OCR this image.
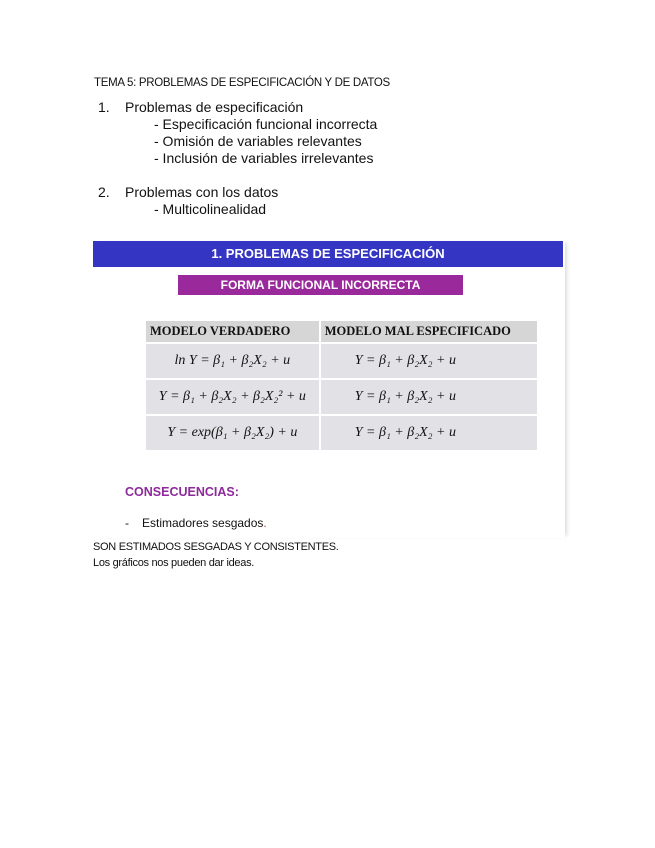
TEMA 5: PROBLEMAS DE ESPECIFICACIÓN Y DE DATOS
1.	Problemas de especificación
- Especificación funcional incorrecta
- Omisión de variables relevantes
- Inclusión de variables irrelevantes
2.	Problemas con los datos
- Multicolinealidad
1. PROBLEMAS DE ESPECIFICACIÓN
FORMA FUNCIONAL INCORRECTA
MODELO VERDADERO	MODELO MAL ESPECIFICADO
ln Y = β₁ + β₂X₂ + u	Y = β₁ + β₂X₂ + u
Y = β₁ + β₂X₂ + β₂X₂² + u	Y = β₁ + β₂X₂ + u
Y = exp(β₁ + β₂X₂) + u	Y = β₁ + β₂X₂ + u
CONSECUENCIAS:
- Estimadores sesgados.
SON ESTIMADOS SESGADAS Y CONSISTENTES.
Los gráficos nos pueden dar ideas.
